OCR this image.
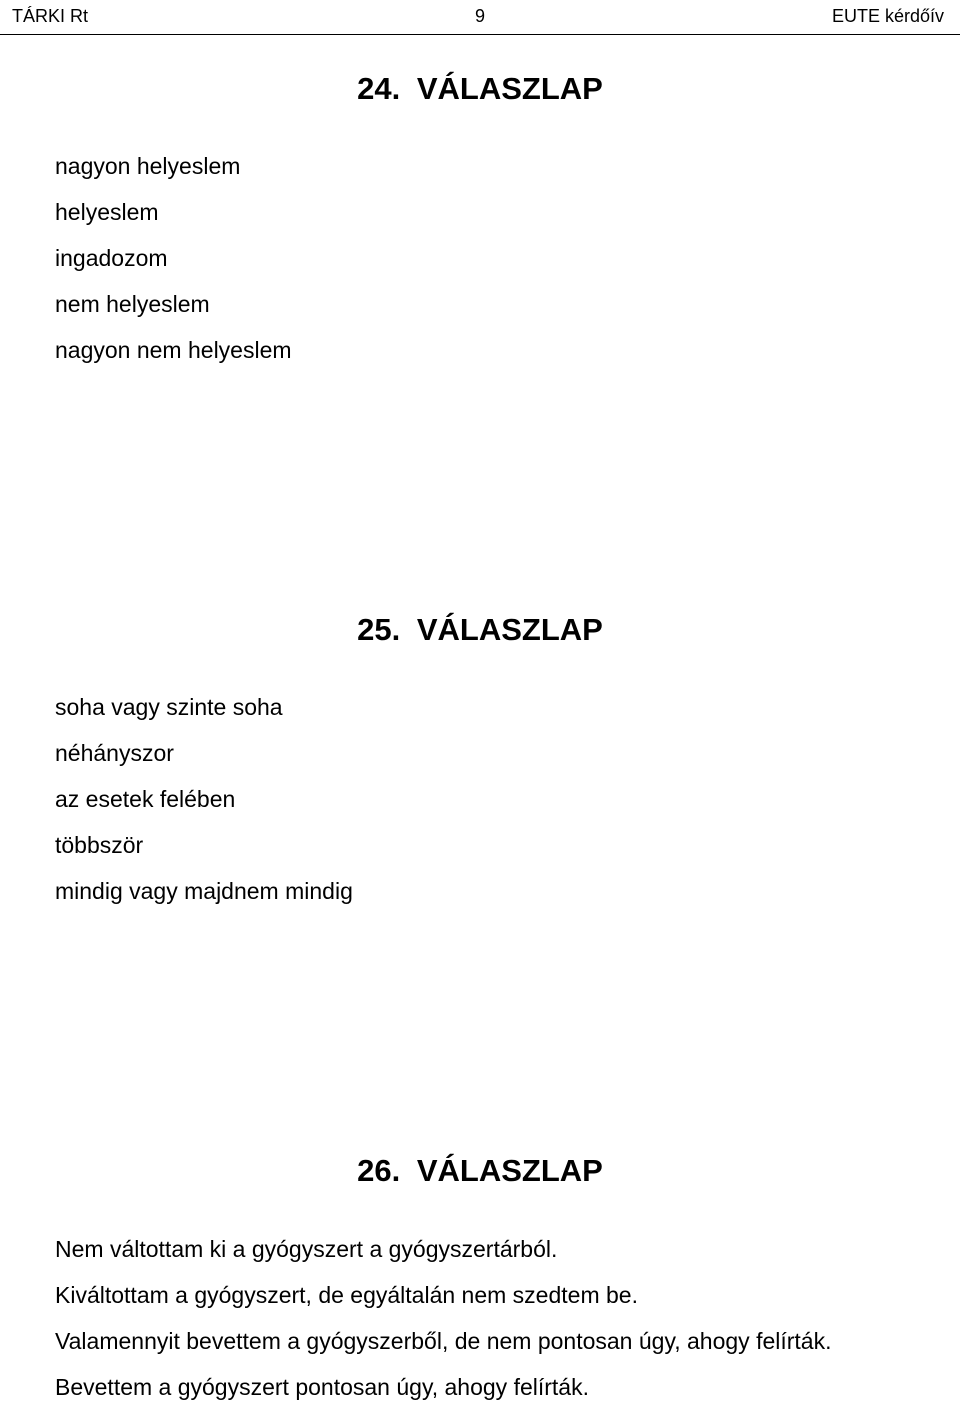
TÁRKI Rt	9	EUTE kérdőív
24. VÁLASZLAP
nagyon helyeslem
helyeslem
ingadozom
nem helyeslem
nagyon nem helyeslem
25. VÁLASZLAP
soha vagy szinte soha
néhányszor
az esetek felében
többször
mindig vagy majdnem mindig
26. VÁLASZLAP
Nem váltottam ki a gyógyszert a gyógyszertárból.
Kiváltottam a gyógyszert, de egyáltalán nem szedtem be.
Valamennyit bevettem a gyógyszerből, de nem pontosan úgy, ahogy felírták.
Bevettem a gyógyszert pontosan úgy, ahogy felírták.
